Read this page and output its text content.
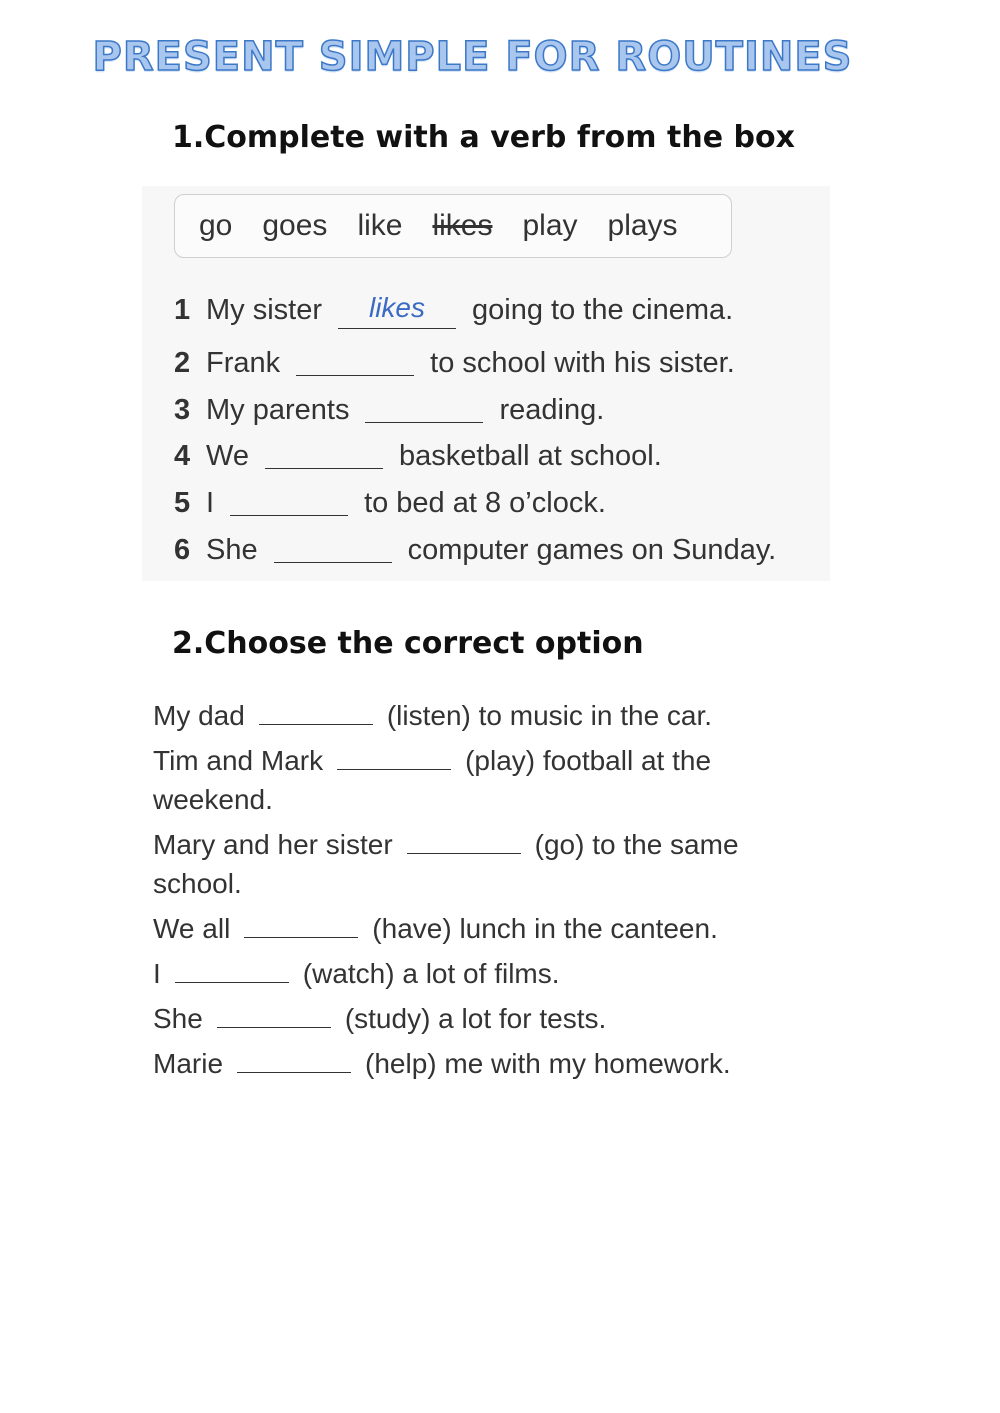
PRESENT SIMPLE FOR ROUTINES
1.Complete with a verb from the box
go goes like likes play plays
1 My sister	likes	going to the cinema.
2 Frank	to school with his sister.
3 My parents	reading.
4 We	basketball at school.
5 I	to bed at 8 o’clock.
6 She	computer games on Sunday.
2.Choose the correct option
My dad	(listen) to music in the car.
Tim and Mark	(play) football at the weekend.
Mary and her sister	(go) to the same school.
We all	(have) lunch in the canteen.
I	(watch) a lot of films.
She	(study) a lot for tests.
Marie	(help) me with my homework.
